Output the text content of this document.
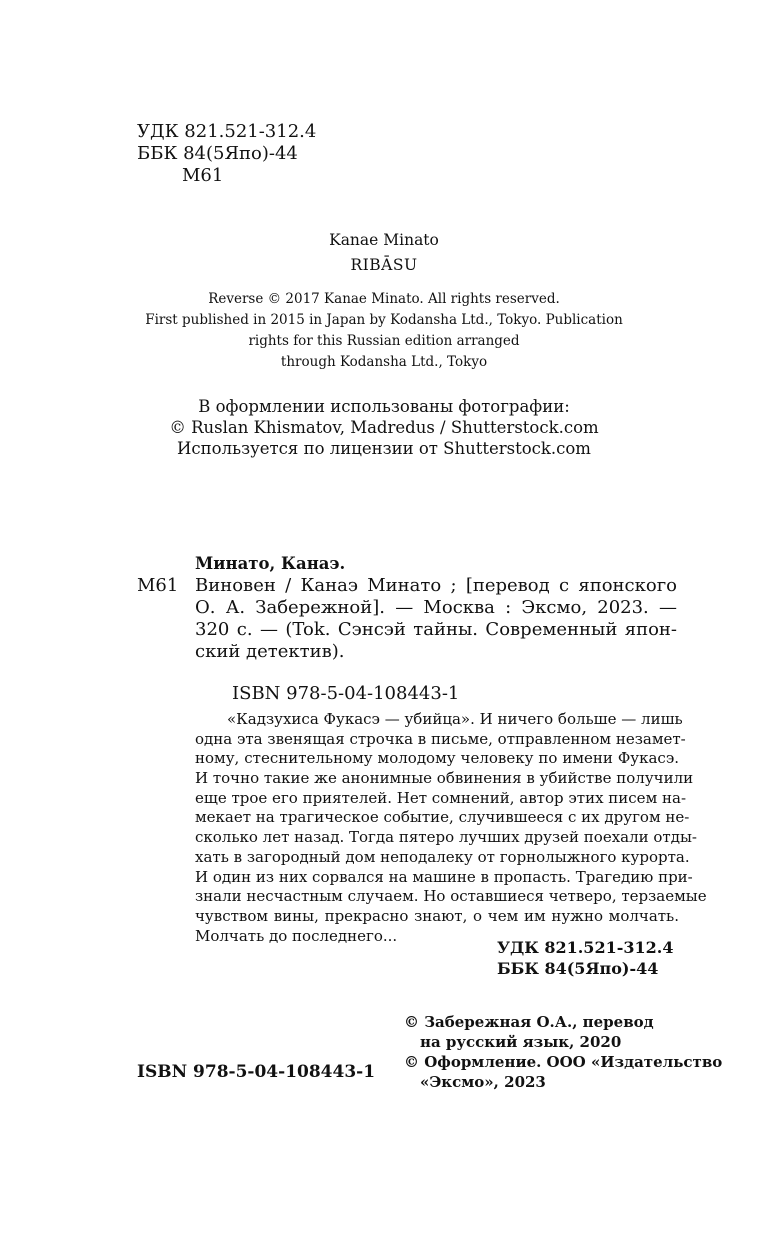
УДК 821.521-312.4
ББК 84(5Япо)-44
М61
Kanae Minato
RIBĀSU
Reverse © 2017 Kanae Minato. All rights reserved.
First published in 2015 in Japan by Kodansha Ltd., Tokyo. Publication
rights for this Russian edition arranged
through Kodansha Ltd., Tokyo
В оформлении использованы фотографии:
© Ruslan Khismatov, Madredus / Shutterstock.com
Используется по лицензии от Shutterstock.com
Минато, Канаэ.
М61 Виновен / Канаэ Минато ; [перевод с японского
О. А. Забережной]. — Москва : Эксмо, 2023. —
320 с. — (Tok. Сэнсэй тайны. Современный япон-
ский детектив).
ISBN 978-5-04-108443-1
«Кадзухиса Фукасэ — убийца». И ничего больше — лишь
одна эта звенящая строчка в письме, отправленном незамет-
ному, стеснительному молодому человеку по имени Фукасэ.
И точно такие же анонимные обвинения в убийстве получили
еще трое его приятелей. Нет сомнений, автор этих писем на-
мекает на трагическое событие, случившееся с их другом не-
сколько лет назад. Тогда пятеро лучших друзей поехали отды-
хать в загородный дом неподалеку от горнолыжного курорта.
И один из них сорвался на машине в пропасть. Трагедию при-
знали несчастным случаем. Но оставшиеся четверо, терзаемые
чувством вины, прекрасно знают, о чем им нужно молчать.
Молчать до последнего...
УДК 821.521-312.4
ББК 84(5Япо)-44
© Забережная О.А., перевод
на русский язык, 2020
© Оформление. ООО «Издательство
«Эксмо», 2023
ISBN 978-5-04-108443-1
